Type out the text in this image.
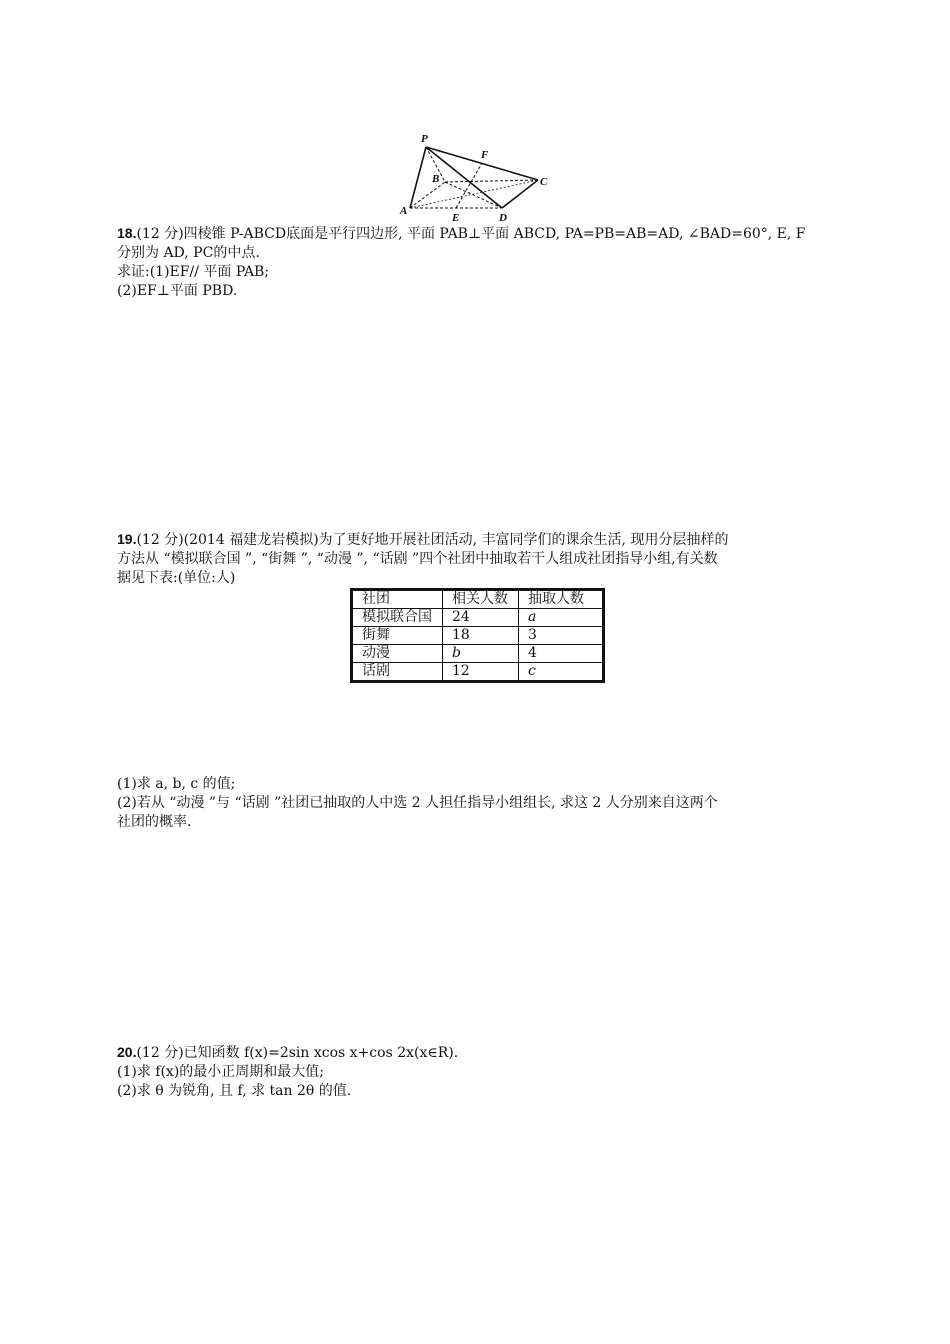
P
F
B	C
A
E	D
18.(12 分)四棱锥 P-ABCD底面是平行四边形, 平面 PAB⊥平面 ABCD, PA=PB=AB=AD, ∠BAD=60°, E, F
分别为 AD, PC的中点.
求证:(1)EF// 平面 PAB;
(2)EF⊥平面 PBD.
19.(12 分)(2014 福建龙岩模拟)为了更好地开展社团活动, 丰富同学们的课余生活, 现用分层抽样的
方法从 “模拟联合国 ”, “街舞 ”, “动漫 ”, “话剧 ”四个社团中抽取若干人组成社团指导小组,有关数
据见下表:(单位:人)
社团	相关人数	抽取人数
模拟联合国	24	a
街舞	18	3
动漫	b	4
话剧	12	c
(1)求 a, b, c 的值;
(2)若从 “动漫 ”与 “话剧 ”社团已抽取的人中选 2 人担任指导小组组长, 求这 2 人分别来自这两个
社团的概率.
20.(12 分)已知函数 f(x)=2sin xcos x+cos 2x(x∈R).
(1)求 f(x)的最小正周期和最大值;
(2)求 θ 为锐角, 且 f, 求 tan 2θ 的值.
